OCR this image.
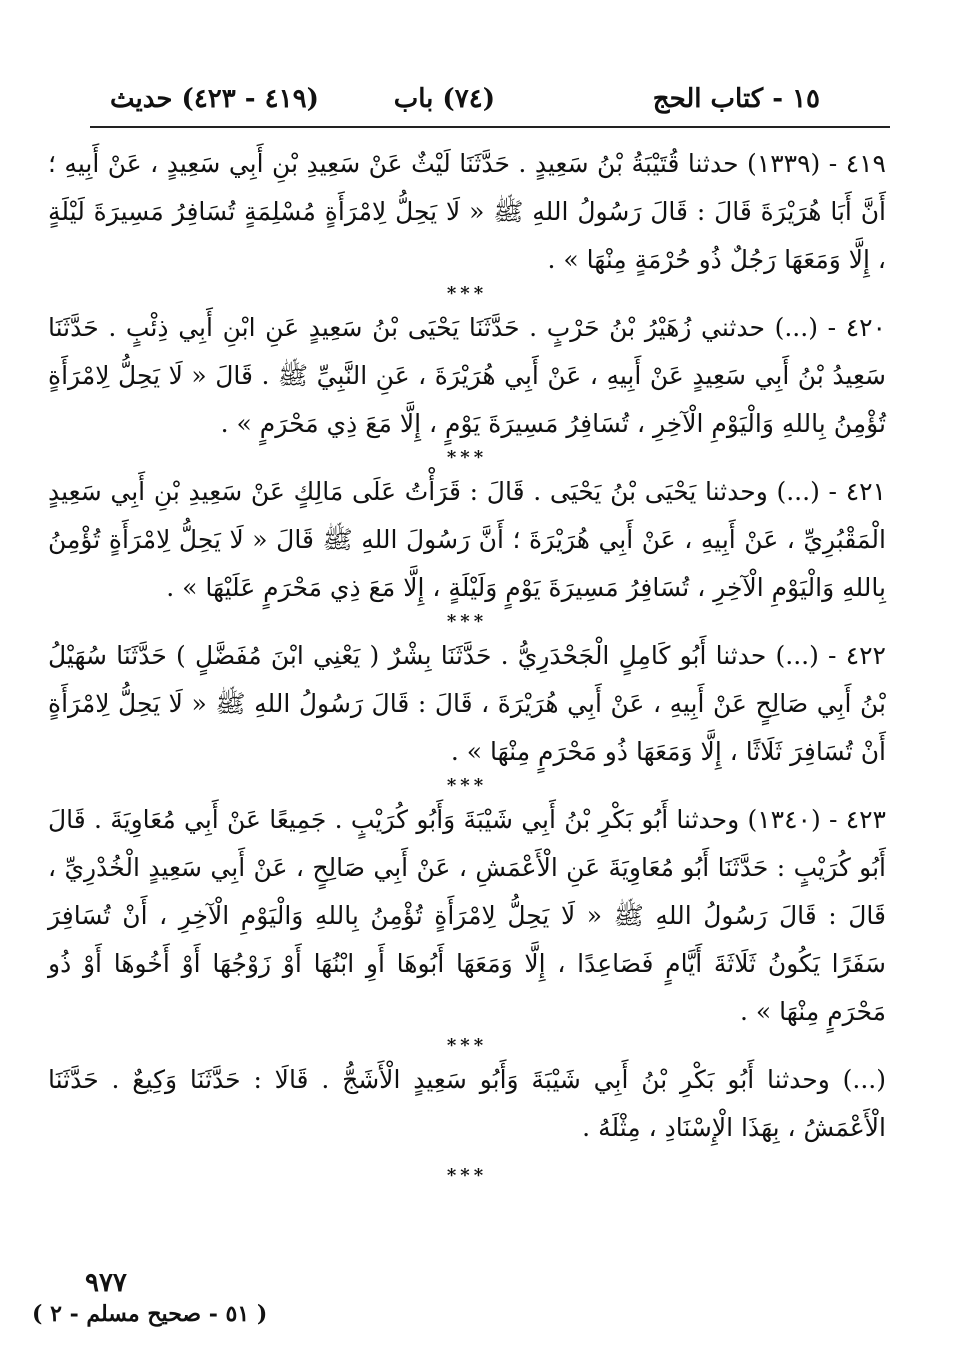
١٥ - كتاب الحج
(٧٤) باب
(٤١٩ - ٤٢٣) حديث

٤١٩ - (١٣٣٩) حدثنا قُتَيْبَةُ بْنُ سَعِيدٍ . حَدَّثَنَا لَيْثٌ عَنْ سَعِيدِ بْنِ أَبِي سَعِيدٍ ، عَنْ أَبِيهِ ؛ أَنَّ أَبَا هُرَيْرَةَ قَالَ : قَالَ رَسُولُ اللهِ ﷺ « لَا يَحِلُّ لِامْرَأَةٍ مُسْلِمَةٍ تُسَافِرُ مَسِيرَةَ لَيْلَةٍ ، إِلَّا وَمَعَهَا رَجُلٌ ذُو حُرْمَةٍ مِنْهَا » .

***

٤٢٠ - (...) حدثني زُهَيْرُ بْنُ حَرْبٍ . حَدَّثَنَا يَحْيَى بْنُ سَعِيدٍ عَنِ ابْنِ أَبِي ذِئْبٍ . حَدَّثَنَا سَعِيدُ بْنُ أَبِي سَعِيدٍ عَنْ أَبِيهِ ، عَنْ أَبِي هُرَيْرَةَ ، عَنِ النَّبِيِّ ﷺ . قَالَ « لَا يَحِلُّ لِامْرَأَةٍ تُؤْمِنُ بِاللهِ وَالْيَوْمِ الْآخِرِ ، تُسَافِرُ مَسِيرَةَ يَوْمٍ ، إِلَّا مَعَ ذِي مَحْرَمٍ » .

***

٤٢١ - (...) وحدثنا يَحْيَى بْنُ يَحْيَى . قَالَ : قَرَأْتُ عَلَى مَالِكٍ عَنْ سَعِيدِ بْنِ أَبِي سَعِيدٍ الْمَقْبُرِيِّ ، عَنْ أَبِيهِ ، عَنْ أَبِي هُرَيْرَةَ ؛ أَنَّ رَسُولَ اللهِ ﷺ قَالَ « لَا يَحِلُّ لِامْرَأَةٍ تُؤْمِنُ بِاللهِ وَالْيَوْمِ الْآخِرِ ، تُسَافِرُ مَسِيرَةَ يَوْمٍ وَلَيْلَةٍ ، إِلَّا مَعَ ذِي مَحْرَمٍ عَلَيْهَا » .

***

٤٢٢ - (...) حدثنا أَبُو كَامِلٍ الْجَحْدَرِيُّ . حَدَّثَنَا بِشْرٌ ( يَعْنِي ابْنَ مُفَضَّلٍ ) حَدَّثَنَا سُهَيْلُ بْنُ أَبِي صَالِحٍ عَنْ أَبِيهِ ، عَنْ أَبِي هُرَيْرَةَ ، قَالَ : قَالَ رَسُولُ اللهِ ﷺ « لَا يَحِلُّ لِامْرَأَةٍ أَنْ تُسَافِرَ ثَلَاثًا ، إِلَّا وَمَعَهَا ذُو مَحْرَمٍ مِنْهَا » .

***

٤٢٣ - (١٣٤٠) وحدثنا أَبُو بَكْرِ بْنُ أَبِي شَيْبَةَ وَأَبُو كُرَيْبٍ . جَمِيعًا عَنْ أَبِي مُعَاوِيَةَ . قَالَ أَبُو كُرَيْبٍ : حَدَّثَنَا أَبُو مُعَاوِيَةَ عَنِ الْأَعْمَشِ ، عَنْ أَبِي صَالِحٍ ، عَنْ أَبِي سَعِيدٍ الْخُدْرِيِّ ، قَالَ : قَالَ رَسُولُ اللهِ ﷺ « لَا يَحِلُّ لِامْرَأَةٍ تُؤْمِنُ بِاللهِ وَالْيَوْمِ الْآخِرِ ، أَنْ تُسَافِرَ سَفَرًا يَكُونُ ثَلَاثَةَ أَيَّامٍ فَصَاعِدًا ، إِلَّا وَمَعَهَا أَبُوهَا أَوِ ابْنُهَا أَوْ زَوْجُهَا أَوْ أَخُوهَا أَوْ ذُو مَحْرَمٍ مِنْهَا » .

***

(...) وحدثنا أَبُو بَكْرِ بْنُ أَبِي شَيْبَةَ وَأَبُو سَعِيدٍ الْأَشَجُّ . قَالَا : حَدَّثَنَا وَكِيعٌ . حَدَّثَنَا الْأَعْمَشُ ، بِهَذَا الْإِسْنَادِ ، مِثْلَهُ .

***
٩٧٧
( ٥١ - صحيح مسلم - ٢ )
